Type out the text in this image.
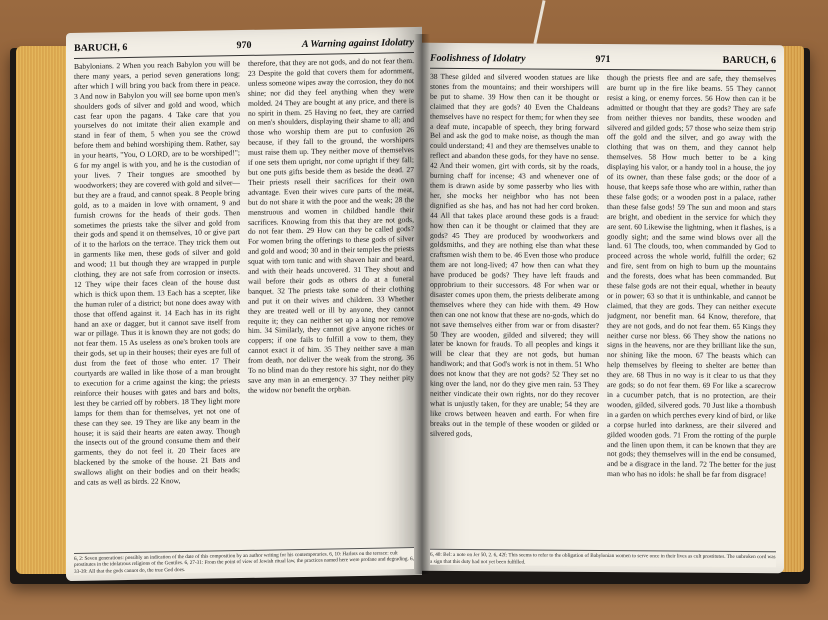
BARUCH, 6	970	A Warning against Idolatry

Babylonians. 2 When you reach Babylon you will be there many years, a period seven generations long; after which I will bring you back from there in peace. 3 And now in Babylon you will see borne upon men's shoulders gods of silver and gold and wood, which cast fear upon the pagans. 4 Take care that you yourselves do not imitate their alien example and stand in fear of them, 5 when you see the crowd before them and behind worshiping them. Rather, say in your hearts, "You, O LORD, are to be worshiped!"; 6 for my angel is with you, and he is the custodian of your lives. 7 Their tongues are smoothed by woodworkers; they are covered with gold and silver—but they are a fraud, and cannot speak. 8 People bring gold, as to a maiden in love with ornament, 9 and furnish crowns for the heads of their gods. Then sometimes the priests take the silver and gold from their gods and spend it on themselves, 10 or give part of it to the harlots on the terrace. They trick them out in garments like men, these gods of silver and gold and wood; 11 but though they are wrapped in purple clothing, they are not safe from corrosion or insects. 12 They wipe their faces clean of the house dust which is thick upon them. 13 Each has a scepter, like the human ruler of a district; but none does away with those that offend against it. 14 Each has in its right hand an axe or dagger, but it cannot save itself from war or pillage. Thus it is known they are not gods; do not fear them. 15 As useless as one's broken tools are their gods, set up in their houses; their eyes are full of dust from the feet of those who enter. 17 Their courtyards are walled in like those of a man brought to execution for a crime against the king; the priests reinforce their houses with gates and bars and bolts, lest they be carried off by robbers. 18 They light more lamps for them than for themselves, yet not one of these can they see. 19 They are like any beam in the house; it is said their hearts are eaten away. Though the insects out of the ground consume them and their garments, they do not feel it. 20 Their faces are blackened by the smoke of the house. 21 Bats and swallows alight on their bodies and on their heads; and cats as well as birds. 22 Know,

therefore, that they are not gods, and do not fear them. 23 Despite the gold that covers them for adornment, unless someone wipes away the corrosion, they do not shine; nor did they feel anything when they were molded. 24 They are bought at any price, and there is no spirit in them. 25 Having no feet, they are carried on men's shoulders, displaying their shame to all; and those who worship them are put to confusion 26 because, if they fall to the ground, the worshipers must raise them up. They neither move of themselves if one sets them upright, nor come upright if they fall; but one puts gifts beside them as beside the dead. 27 Their priests resell their sacrifices for their own advantage. Even their wives cure parts of the meat, but do not share it with the poor and the weak; 28 the menstruous and women in childbed handle their sacrifices. Knowing from this that they are not gods, do not fear them. 29 How can they be called gods? For women bring the offerings to these gods of silver and gold and wood; 30 and in their temples the priests squat with torn tunic and with shaven hair and beard, and with their heads uncovered. 31 They shout and wail before their gods as others do at a funeral banquet. 32 The priests take some of their clothing and put it on their wives and children. 33 Whether they are treated well or ill by anyone, they cannot requite it; they can neither set up a king nor remove him. 34 Similarly, they cannot give anyone riches or coppers; if one fails to fulfill a vow to them, they cannot exact it of him. 35 They neither save a man from death, nor deliver the weak from the strong. 36 To no blind man do they restore his sight, nor do they save any man in an emergency. 37 They neither pity the widow nor benefit the orphan.

6, 2: Seven generations: possibly an indication of the date of this composition by an author writing for his contemporaries. 6, 10: Harlots on the terrace: cult prostitutes in the idolatrous religions of the Gentiles. 6, 27-31: From the point of view of Jewish ritual law, the practices named here were profane and degrading. 6, 33-39: All that the gods cannot do, the true God does.
Foolishness of Idolatry	971	BARUCH, 6

38 These gilded and silvered wooden statues are like stones from the mountains; and their worshipers will be put to shame. 39 How then can it be thought or claimed that they are gods? 40 Even the Chaldeans themselves have no respect for them; for when they see a deaf mute, incapable of speech, they bring forward Bel and ask the god to make noise, as though the man could understand; 41 and they are themselves unable to reflect and abandon these gods, for they have no sense. 42 And their women, girt with cords, sit by the roads, burning chaff for incense; 43 and whenever one of them is drawn aside by some passerby who lies with her, she mocks her neighbor who has not been dignified as she has, and has not had her cord broken. 44 All that takes place around these gods is a fraud: how then can it be thought or claimed that they are gods? 45 They are produced by woodworkers and goldsmiths, and they are nothing else than what these craftsmen wish them to be. 46 Even those who produce them are not long-lived; 47 how then can what they have produced be gods? They have left frauds and opprobrium to their successors. 48 For when war or disaster comes upon them, the priests deliberate among themselves where they can hide with them. 49 How then can one not know that these are no-gods, which do not save themselves either from war or from disaster? 50 They are wooden, gilded and silvered; they will later be known for frauds. To all peoples and kings it will be clear that they are not gods, but human handiwork; and that God's work is not in them. 51 Who does not know that they are not gods? 52 They set no king over the land, nor do they give men rain. 53 They neither vindicate their own rights, nor do they recover what is unjustly taken, for they are unable; 54 they are like crows between heaven and earth. For when fire breaks out in the temple of these wooden or gilded or silvered gods,

though the priests flee and are safe, they themselves are burnt up in the fire like beams. 55 They cannot resist a king, or enemy forces. 56 How then can it be admitted or thought that they are gods? They are safe from neither thieves nor bandits, these wooden and silvered and gilded gods; 57 those who seize them strip off the gold and the silver, and go away with the clothing that was on them, and they cannot help themselves. 58 How much better to be a king displaying his valor, or a handy tool in a house, the joy of its owner, than these false gods; or the door of a house, that keeps safe those who are within, rather than these false gods; or a wooden post in a palace, rather than these false gods! 59 The sun and moon and stars are bright, and obedient in the service for which they are sent. 60 Likewise the lightning, when it flashes, is a goodly sight; and the same wind blows over all the land. 61 The clouds, too, when commanded by God to proceed across the whole world, fulfill the order; 62 and fire, sent from on high to burn up the mountains and the forests, does what has been commanded. But these false gods are not their equal, whether in beauty or in power; 63 so that it is unthinkable, and cannot be claimed, that they are gods. They can neither execute judgment, nor benefit man. 64 Know, therefore, that they are not gods, and do not fear them. 65 Kings they neither curse nor bless. 66 They show the nations no signs in the heavens, nor are they brilliant like the sun, nor shining like the moon. 67 The beasts which can help themselves by fleeing to shelter are better than they are. 68 Thus in no way is it clear to us that they are gods; so do not fear them. 69 For like a scarecrow in a cucumber patch, that is no protection, are their wooden, gilded, silvered gods. 70 Just like a thornbush in a garden on which perches every kind of bird, or like a corpse hurled into darkness, are their silvered and gilded wooden gods. 71 From the rotting of the purple and the linen upon them, it can be known that they are not gods; they themselves will in the end be consumed, and be a disgrace in the land. 72 The better for the just man who has no idols: he shall be far from disgrace!

6, 40: Bel: a note on Jer 50, 2. 6, 42f: This seems to refer to the obligation of Babylonian women to serve once in their lives as cult prostitutes. The unbroken cord was a sign that this duty had not yet been fulfilled.
